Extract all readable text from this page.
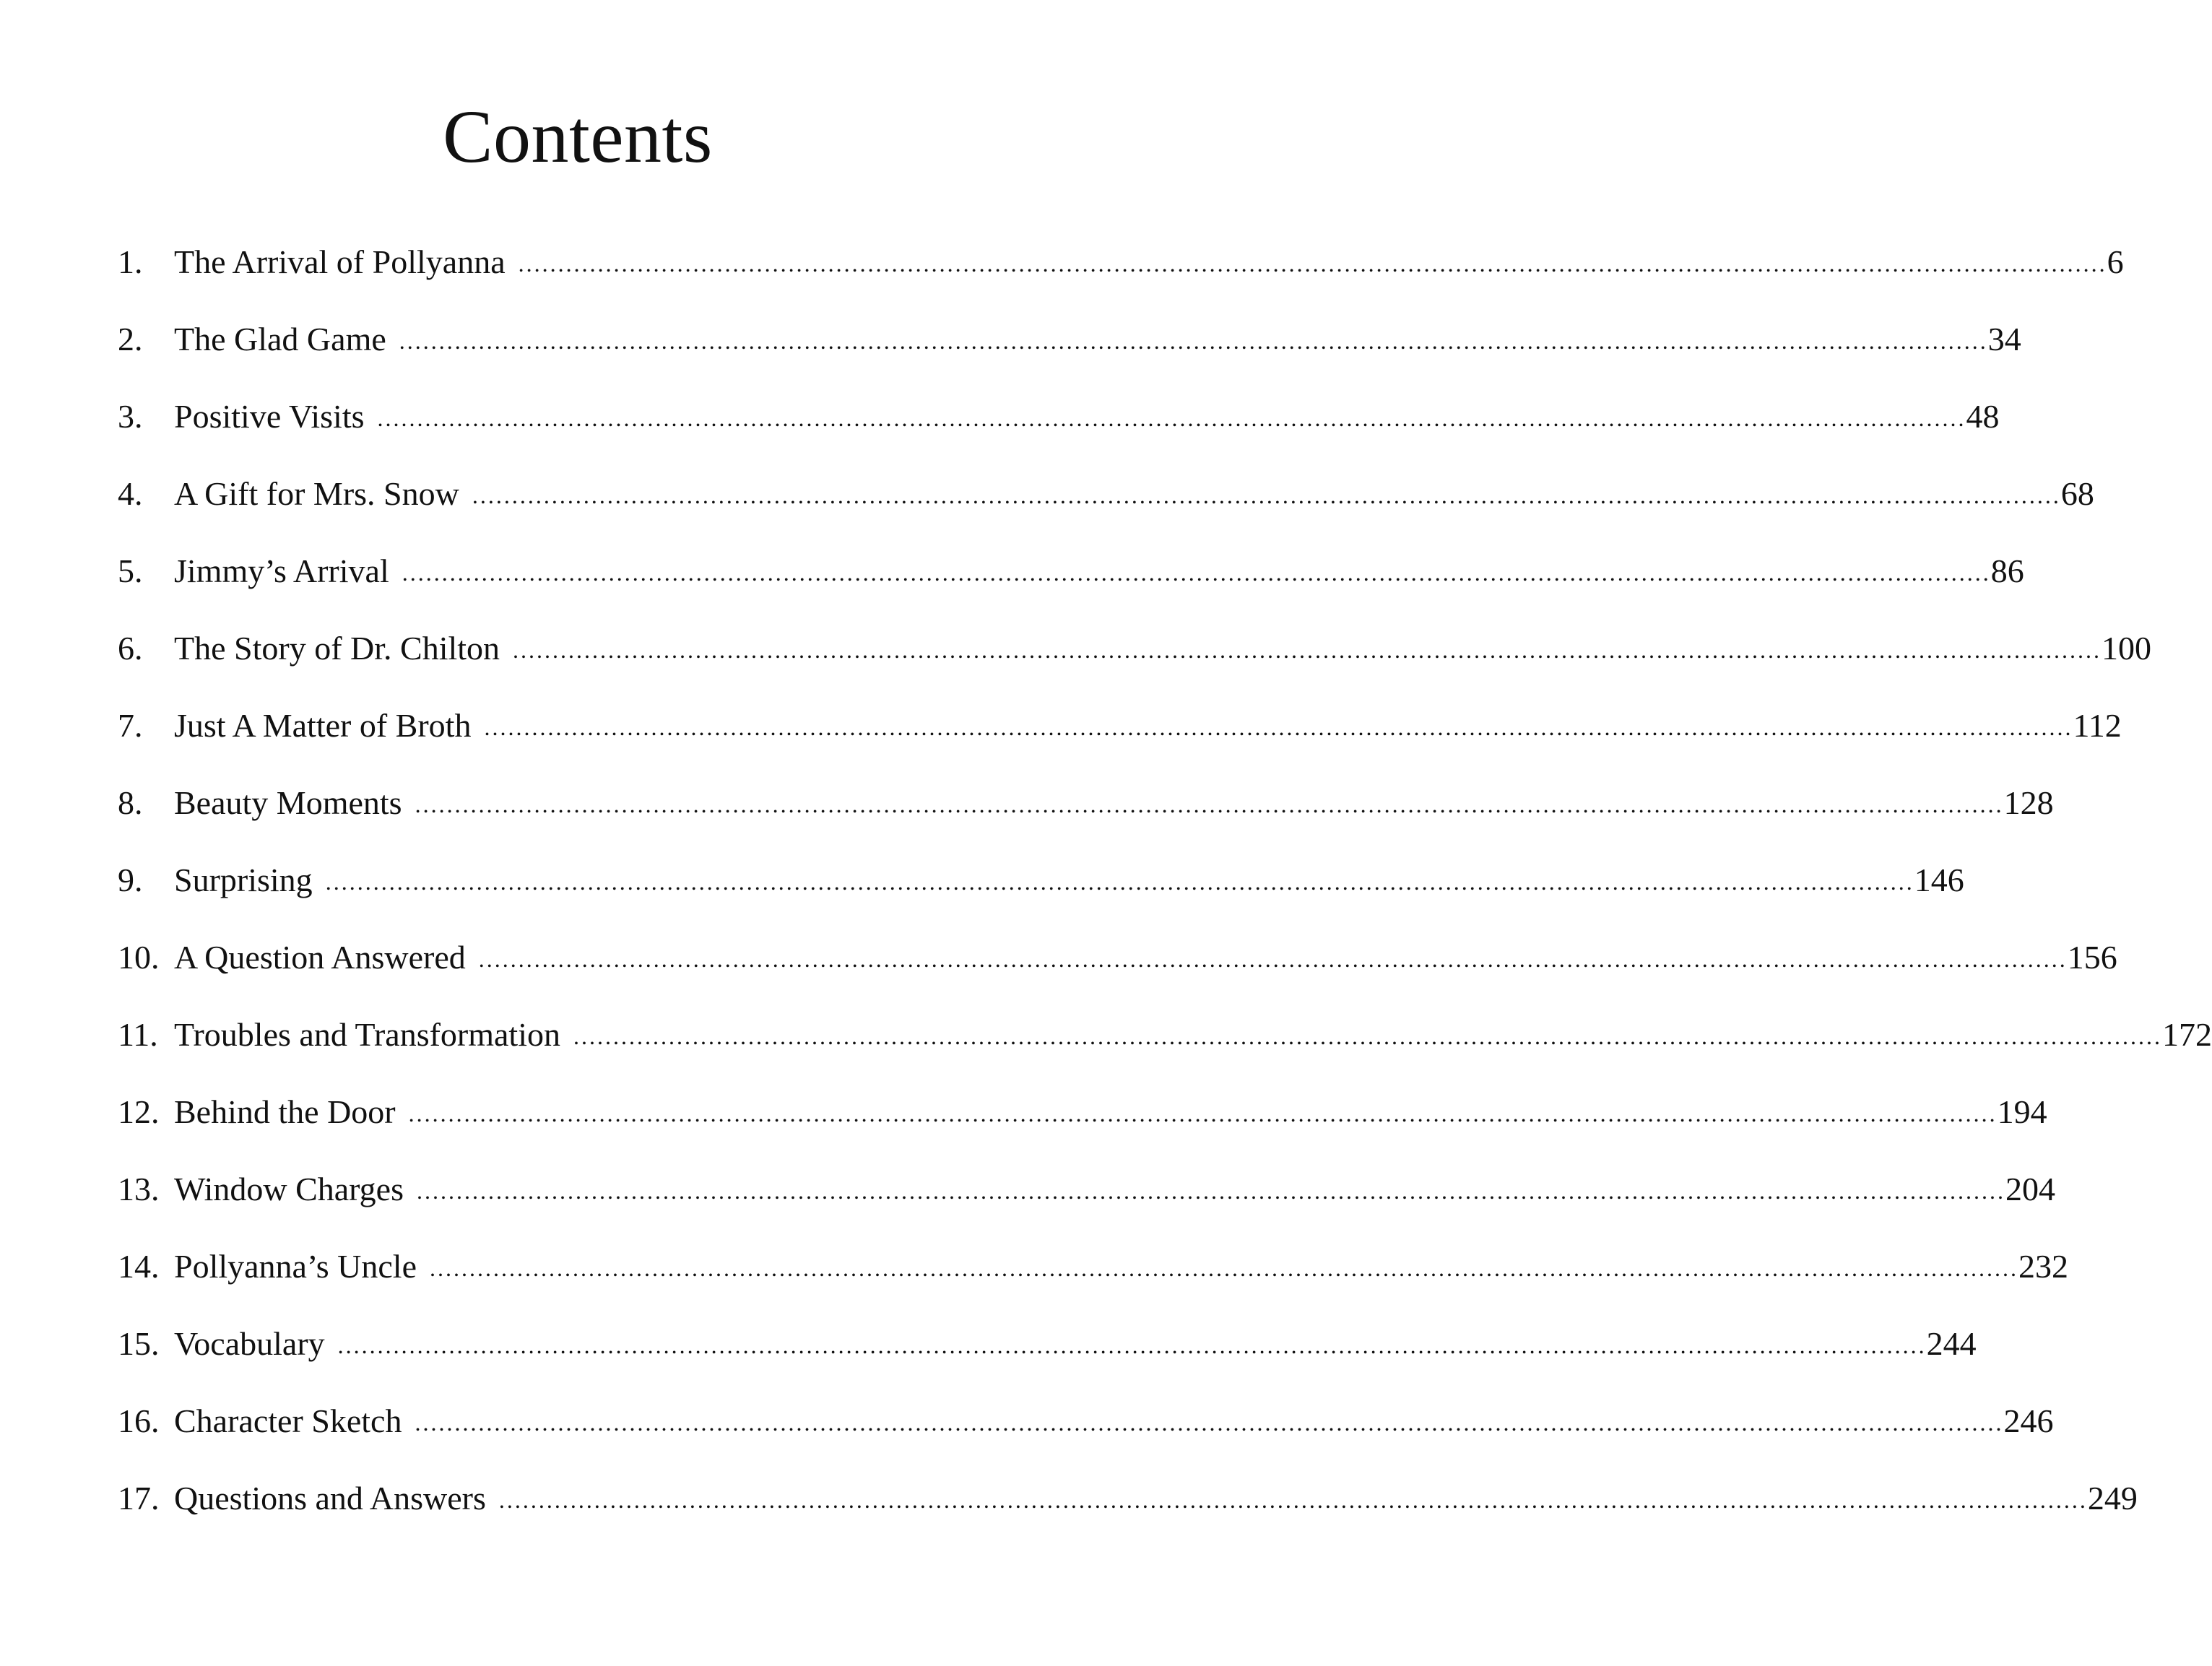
Contents
1. The Arrival of Pollyanna ........................................................................................................................................................................................................ 6
2. The Glad Game ........................................................................................................................................................................................................ 34
3. Positive Visits ........................................................................................................................................................................................................ 48
4. A Gift for Mrs. Snow ........................................................................................................................................................................................................ 68
5. Jimmy’s Arrival ........................................................................................................................................................................................................ 86
6. The Story of Dr. Chilton ........................................................................................................................................................................................................ 100
7. Just A Matter of Broth ........................................................................................................................................................................................................ 112
8. Beauty Moments ........................................................................................................................................................................................................ 128
9. Surprising ........................................................................................................................................................................................................ 146
10. A Question Answered ........................................................................................................................................................................................................ 156
11. Troubles and Transformation ........................................................................................................................................................................................................ 172
12. Behind the Door ........................................................................................................................................................................................................ 194
13. Window Charges ........................................................................................................................................................................................................ 204
14. Pollyanna’s Uncle ........................................................................................................................................................................................................ 232
15. Vocabulary ........................................................................................................................................................................................................ 244
16. Character Sketch ........................................................................................................................................................................................................ 246
17. Questions and Answers ........................................................................................................................................................................................................ 249
